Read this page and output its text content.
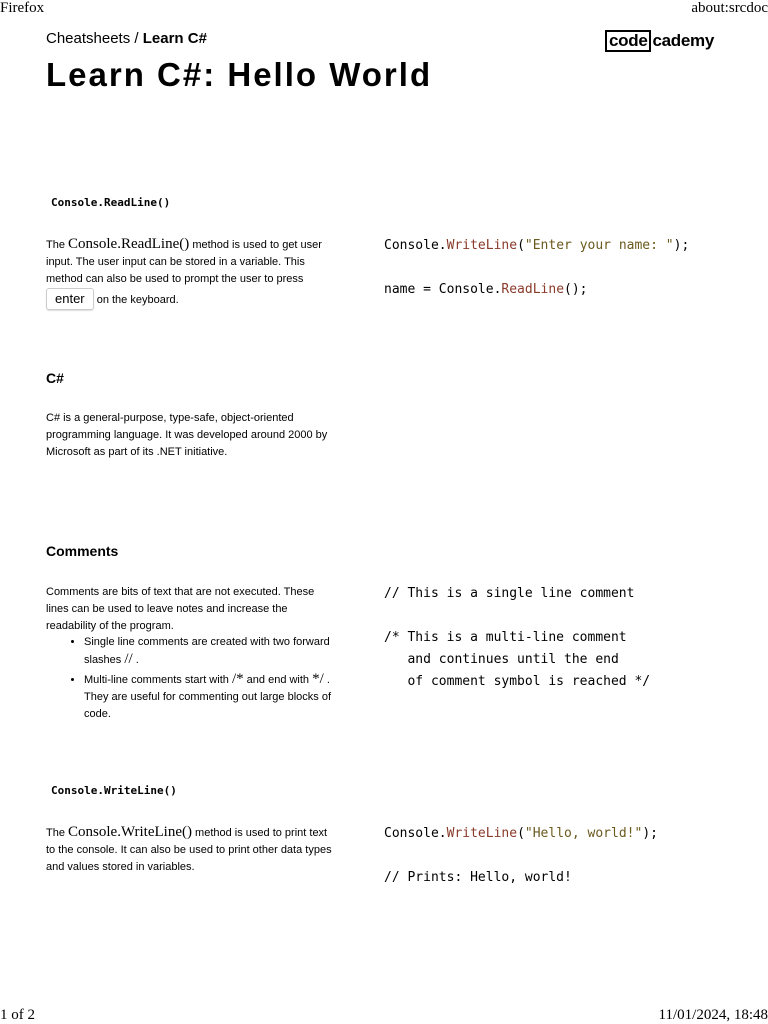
Firefox	about:srcdoc
Cheatsheets / Learn C#	code cademy
Learn C#: Hello World
Console.ReadLine()
The Console.ReadLine() method is used to get user input. The user input can be stored in a variable. This method can also be used to prompt the user to press enter on the keyboard.
Console.WriteLine("Enter your name: ");
name = Console.ReadLine();
C#
C# is a general-purpose, type-safe, object-oriented programming language. It was developed around 2000 by Microsoft as part of its .NET initiative.
Comments
Comments are bits of text that are not executed. These lines can be used to leave notes and increase the readability of the program.
• Single line comments are created with two forward slashes // .
• Multi-line comments start with /* and end with */ . They are useful for commenting out large blocks of code.
// This is a single line comment
/* This is a multi-line comment
and continues until the end
of comment symbol is reached */
Console.WriteLine()
The Console.WriteLine() method is used to print text to the console. It can also be used to print other data types and values stored in variables.
Console.WriteLine("Hello, world!");
// Prints: Hello, world!
1 of 2	11/01/2024, 18:48
